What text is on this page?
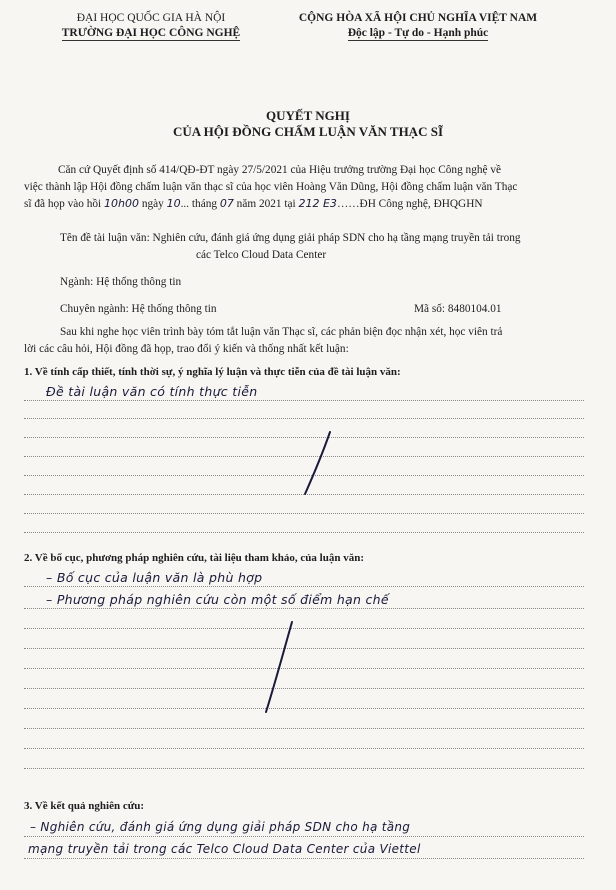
ĐẠI HỌC QUỐC GIA HÀ NỘI
TRƯỜNG ĐẠI HỌC CÔNG NGHỆ
CỘNG HÒA XÃ HỘI CHỦ NGHĨA VIỆT NAM
Độc lập - Tự do - Hạnh phúc
QUYẾT NGHỊ
CỦA HỘI ĐỒNG CHẤM LUẬN VĂN THẠC SĨ
Căn cứ Quyết định số 414/QĐ-ĐT ngày 27/5/2021 của Hiệu trưởng trường Đại học Công nghệ về
việc thành lập Hội đồng chấm luận văn thạc sĩ của học viên Hoàng Văn Dũng, Hội đồng chấm luận văn Thạc
sĩ đã họp vào hồi 10h00 ngày 10... tháng 07 năm 2021 tại 212 E3……ĐH Công nghệ, ĐHQGHN
Tên đề tài luận văn: Nghiên cứu, đánh giá ứng dụng giải pháp SDN cho hạ tầng mạng truyền tải trong
các Telco Cloud Data Center
Ngành: Hệ thống thông tin
Chuyên ngành: Hệ thống thông tin	Mã số: 8480104.01
Sau khi nghe học viên trình bày tóm tắt luận văn Thạc sĩ, các phản biện đọc nhận xét, học viên trả
lời các câu hỏi, Hội đồng đã họp, trao đổi ý kiến và thống nhất kết luận:
1. Về tính cấp thiết, tính thời sự, ý nghĩa lý luận và thực tiễn của đề tài luận văn:
Đề tài luận văn có tính thực tiễn
2. Về bố cục, phương pháp nghiên cứu, tài liệu tham khảo, của luận văn:
– Bố cục của luận văn là phù hợp
– Phương pháp nghiên cứu còn một số điểm hạn chế
3. Về kết quả nghiên cứu:
– Nghiên cứu, đánh giá ứng dụng giải pháp SDN cho hạ tầng
mạng truyền tải trong các Telco Cloud Data Center của Viettel
